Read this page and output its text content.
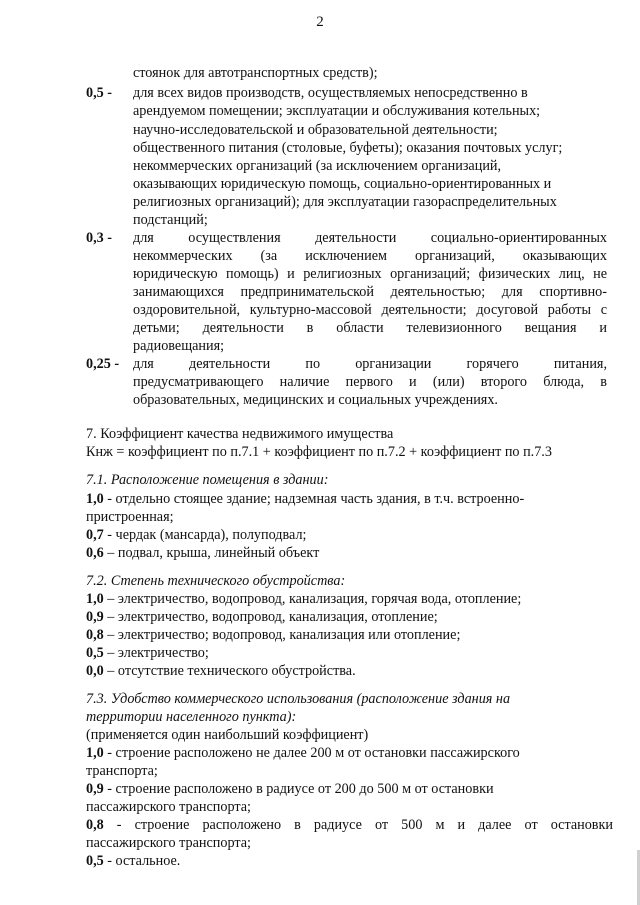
2
стоянок для автотранспортных средств);
0,5 - для всех видов производств, осуществляемых непосредственно в
арендуемом помещении; эксплуатации и обслуживания котельных;
научно-исследовательской и образовательной деятельности;
общественного питания (столовые, буфеты); оказания почтовых услуг;
некоммерческих организаций (за исключением организаций,
оказывающих юридическую помощь, социально-ориентированных и
религиозных организаций); для эксплуатации газораспределительных
подстанций;
0,3 - для осуществления деятельности социально-ориентированных
некоммерческих (за исключением организаций, оказывающих
юридическую помощь) и религиозных организаций; физических лиц, не
занимающихся предпринимательской деятельностью; для спортивно-
оздоровительной, культурно-массовой деятельности; досуговой работы с
детьми; деятельности в области телевизионного вещания и
радиовещания;
0,25 - для деятельности по организации горячего питания,
предусматривающего наличие первого и (или) второго блюда, в
образовательных, медицинских и социальных учреждениях.
7. Коэффициент качества недвижимого имущества
Кнж = коэффициент по п.7.1 + коэффициент по п.7.2 + коэффициент по п.7.3
7.1. Расположение помещения в здании:
1,0 - отдельно стоящее здание; надземная часть здания, в т.ч. встроенно-
пристроенная;
0,7 - чердак (мансарда), полуподвал;
0,6 – подвал, крыша, линейный объект
7.2. Степень технического обустройства:
1,0 – электричество, водопровод, канализация, горячая вода, отопление;
0,9 – электричество, водопровод, канализация, отопление;
0,8 – электричество; водопровод, канализация или отопление;
0,5 – электричество;
0,0 – отсутствие технического обустройства.
7.3. Удобство коммерческого использования (расположение здания на
территории населенного пункта):
(применяется один наибольший коэффициент)
1,0 - строение расположено не далее 200 м от остановки пассажирского
транспорта;
0,9 - строение расположено в радиусе от 200 до 500 м от остановки
пассажирского транспорта;
0,8 - строение расположено в радиусе от 500 м и далее от остановки
пассажирского транспорта;
0,5 - остальное.
